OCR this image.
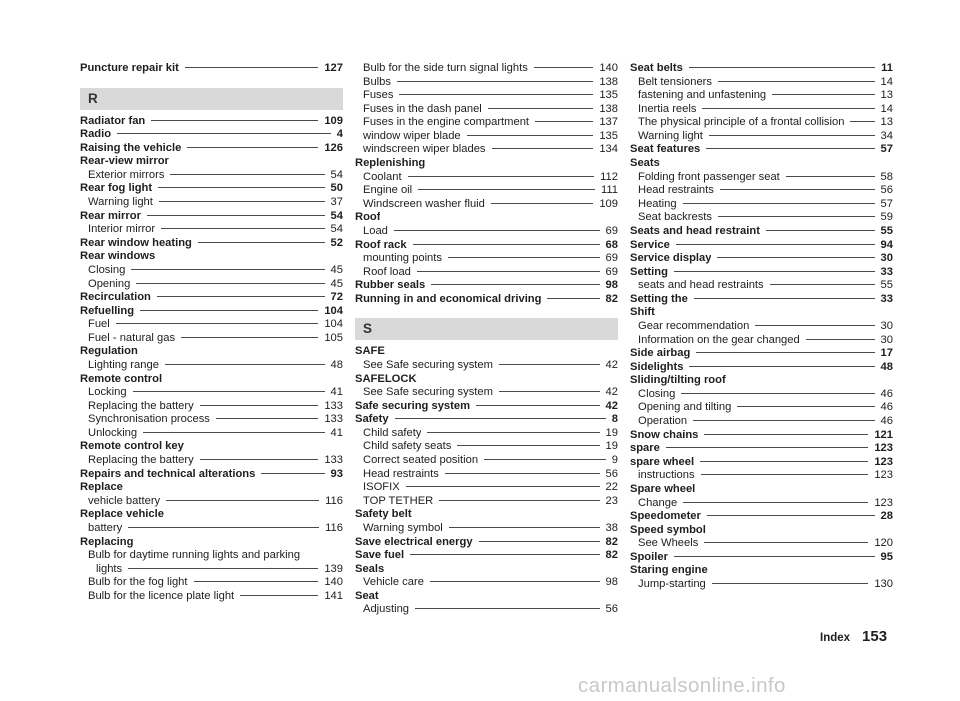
Puncture repair kit	127
R
Radiator fan	109
Radio	4
Raising the vehicle	126
Rear-view mirror
Exterior mirrors	54
Rear fog light	50
Warning light	37
Rear mirror	54
Interior mirror	54
Rear window heating	52
Rear windows
Closing	45
Opening	45
Recirculation	72
Refuelling	104
Fuel	104
Fuel - natural gas	105
Regulation
Lighting range	48
Remote control
Locking	41
Replacing the battery	133
Synchronisation process	133
Unlocking	41
Remote control key
Replacing the battery	133
Repairs and technical alterations	93
Replace
vehicle battery	116
Replace vehicle
battery	116
Replacing
Bulb for daytime running lights and parking
lights	139
Bulb for the fog light	140
Bulb for the licence plate light	141
Bulb for the side turn signal lights	140
Bulbs	138
Fuses	135
Fuses in the dash panel	138
Fuses in the engine compartment	137
window wiper blade	135
windscreen wiper blades	134
Replenishing
Coolant	112
Engine oil	111
Windscreen washer fluid	109
Roof
Load	69
Roof rack	68
mounting points	69
Roof load	69
Rubber seals	98
Running in and economical driving	82
S
SAFE
See Safe securing system	42
SAFELOCK
See Safe securing system	42
Safe securing system	42
Safety	8
Child safety	19
Child safety seats	19
Correct seated position	9
Head restraints	56
ISOFIX	22
TOP TETHER	23
Safety belt
Warning symbol	38
Save electrical energy	82
Save fuel	82
Seals
Vehicle care	98
Seat
Adjusting	56
Seat belts	11
Belt tensioners	14
fastening and unfastening	13
Inertia reels	14
The physical principle of a frontal collision	13
Warning light	34
Seat features	57
Seats
Folding front passenger seat	58
Head restraints	56
Heating	57
Seat backrests	59
Seats and head restraint	55
Service	94
Service display	30
Setting	33
seats and head restraints	55
Setting the	33
Shift
Gear recommendation	30
Information on the gear changed	30
Side airbag	17
Sidelights	48
Sliding/tilting roof
Closing	46
Opening and tilting	46
Operation	46
Snow chains	121
spare	123
spare wheel	123
instructions	123
Spare wheel
Change	123
Speedometer	28
Speed symbol
See Wheels	120
Spoiler	95
Staring engine
Jump-starting	130
Index 153
carmanualsonline.info
